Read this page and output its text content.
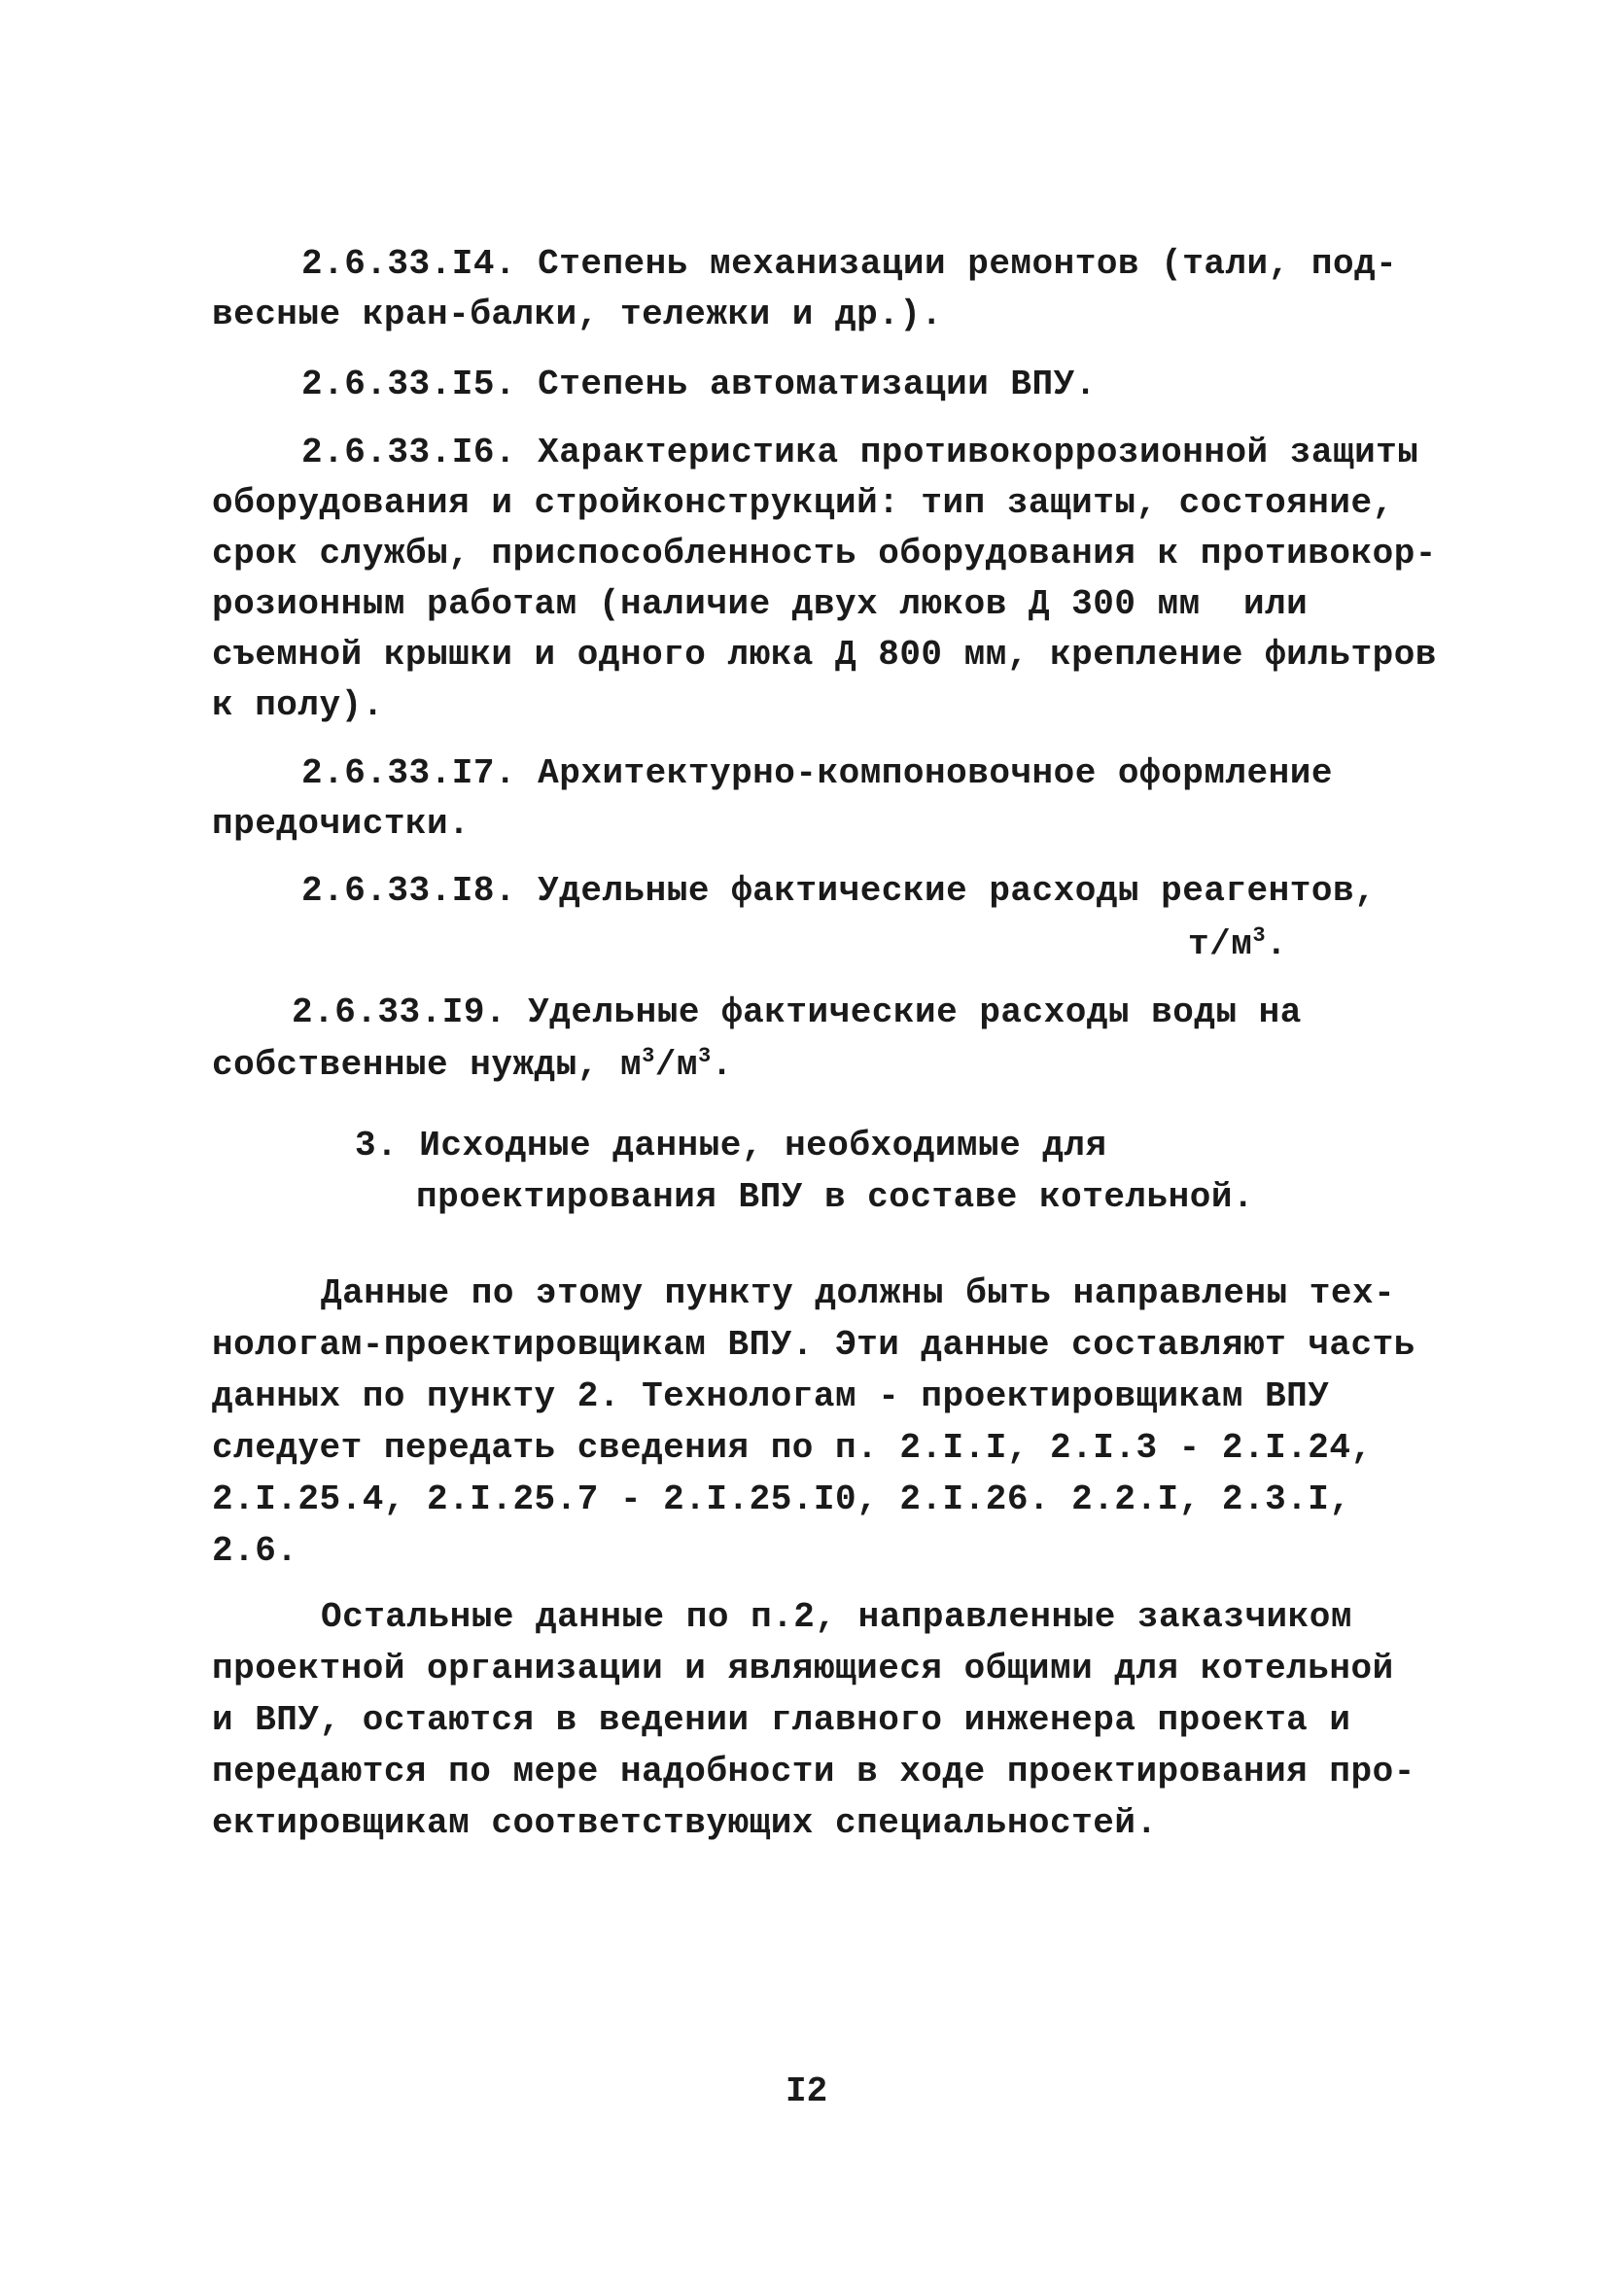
2.6.33.I4. Степень механизации ремонтов (тали, под-
весные кран-балки, тележки и др.).
2.6.33.I5. Степень автоматизации ВПУ.
2.6.33.I6. Характеристика противокоррозионной защиты
оборудования и стройконструкций: тип защиты, состояние,
срок службы, приспособленность оборудования к противокор-
розионным работам (наличие двух люков Д 300 мм  или
съемной крышки и одного люка Д 800 мм, крепление фильтров
к полу).
2.6.33.I7. Архитектурно-компоновочное оформление
предочистки.
2.6.33.I8. Удельные фактические расходы реагентов,
$т/м^3$.
2.6.33.I9. Удельные фактические расходы воды на
собственные нужды, $м^3/м^3$.
3. Исходные данные, необходимые для
проектирования ВПУ в составе котельной.
Данные по этому пункту должны быть направлены тех-
нологам-проектировщикам ВПУ. Эти данные составляют часть
данных по пункту 2. Технологам - проектировщикам ВПУ
следует передать сведения по п. 2.I.I, 2.I.3 - 2.I.24,
2.I.25.4, 2.I.25.7 - 2.I.25.I0, 2.I.26. 2.2.I, 2.3.I,
2.6.
Остальные данные по п.2, направленные заказчиком
проектной организации и являющиеся общими для котельной
и ВПУ, остаются в ведении главного инженера проекта и
передаются по мере надобности в ходе проектирования про-
ектировщикам соответствующих специальностей.
I2
